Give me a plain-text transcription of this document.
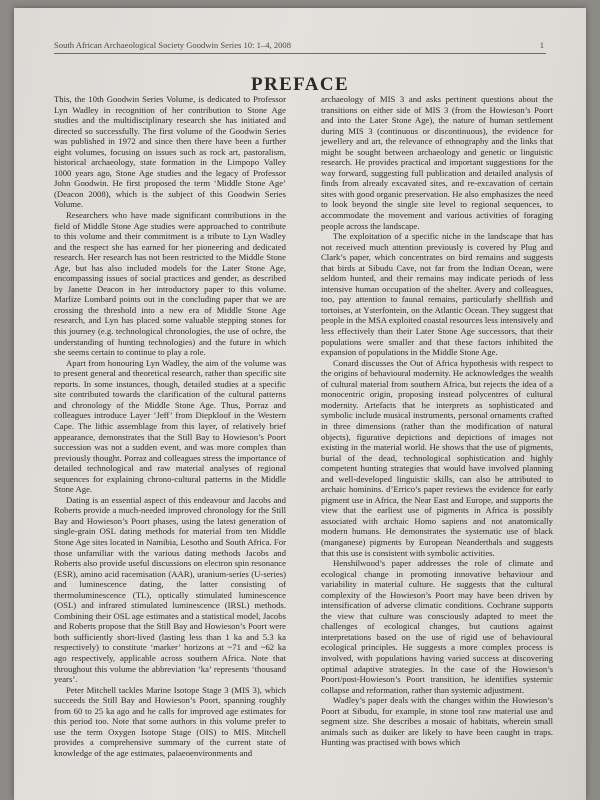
South African Archaeological Society Goodwin Series 10: 1–4, 2008	1
PREFACE

This, the 10th Goodwin Series Volume, is dedicated to Professor Lyn Wadley in recognition of her contribution to Stone Age studies and the multidisciplinary research she has initiated and directed so successfully. The first volume of the Goodwin Series was published in 1972 and since then there have been a further eight volumes, focusing on issues such as rock art, pastoralism, historical archaeology, state formation in the Limpopo Valley 1000 years ago, Stone Age studies and the legacy of Professor John Goodwin. He first proposed the term ‘Middle Stone Age’ (Deacon 2008), which is the subject of this Goodwin Series Volume.

Researchers who have made significant contributions in the field of Middle Stone Age studies were approached to contribute to this volume and their commitment is a tribute to Lyn Wadley and the respect she has earned for her pioneering and dedicated research. Her research has not been restricted to the Middle Stone Age, but has also included models for the Later Stone Age, encompassing issues of social practices and gender, as described by Janette Deacon in her introductory paper to this volume. Marlize Lombard points out in the concluding paper that we are crossing the threshold into a new era of Middle Stone Age research, and Lyn has placed some valuable stepping stones for this journey (e.g. technological chronologies, the use of ochre, the understanding of hunting technologies) and the future in which she seems certain to continue to play a role.

Apart from honouring Lyn Wadley, the aim of the volume was to present general and theoretical research, rather than specific site reports. In some instances, though, detailed studies at a specific site contributed towards the clarification of the cultural patterns and chronology of the Middle Stone Age. Thus, Porraz and colleagues introduce Layer ‘Jeff’ from Diepkloof in the Western Cape. The lithic assemblage from this layer, of relatively brief appearance, demonstrates that the Still Bay to Howieson’s Poort succession was not a sudden event, and was more complex than previously thought. Porraz and colleagues stress the importance of detailed technological and raw material analyses of regional sequences for explaining chrono-cultural patterns in the Middle Stone Age.

Dating is an essential aspect of this endeavour and Jacobs and Roberts provide a much-needed improved chronology for the Still Bay and Howieson’s Poort phases, using the latest generation of single-grain OSL dating methods for material from ten Middle Stone Age sites located in Namibia, Lesotho and South Africa. For those unfamiliar with the various dating methods Jacobs and Roberts also provide useful discussions on electron spin resonance (ESR), amino acid racemisation (AAR), uranium-series (U-series) and luminescence dating, the latter consisting of thermoluminescence (TL), optically stimulated luminescence (OSL) and infrared stimulated luminescence (IRSL) methods. Combining their OSL age estimates and a statistical model, Jacobs and Roberts propose that the Still Bay and Howieson’s Poort were both sufficiently short-lived (lasting less than 1 ka and 5.3 ka respectively) to constitute ‘marker’ horizons at ~71 and ~62 ka ago respectively, applicable across southern Africa. Note that throughout this volume the abbreviation ‘ka’ represents ‘thousand years’.

Peter Mitchell tackles Marine Isotope Stage 3 (MIS 3), which succeeds the Still Bay and Howieson’s Poort, spanning roughly from 60 to 25 ka ago and he calls for improved age estimates for this period too. Note that some authors in this volume prefer to use the term Oxygen Isotope Stage (OIS) to MIS. Mitchell provides a comprehensive summary of the current state of knowledge of the age estimates, palaeoenvironments and

archaeology of MIS 3 and asks pertinent questions about the transitions on either side of MIS 3 (from the Howieson’s Poort and into the Later Stone Age), the nature of human settlement during MIS 3 (continuous or discontinuous), the evidence for jewellery and art, the relevance of ethnography and the links that might be sought between archaeology and genetic or linguistic research. He provides practical and important suggestions for the way forward, suggesting full publication and detailed analysis of finds from already excavated sites, and re-excavation of certain sites with good organic preservation. He also emphasizes the need to look beyond the single site level to regional sequences, to accommodate the movement and various activities of foraging people across the landscape.

The exploitation of a specific niche in the landscape that has not received much attention previously is covered by Plug and Clark’s paper, which concentrates on bird remains and suggests that birds at Sibudu Cave, not far from the Indian Ocean, were seldom hunted, and their remains may indicate periods of less intensive human occupation of the shelter. Avery and colleagues, too, pay attention to faunal remains, particularly shellfish and tortoises, at Ysterfontein, on the Atlantic Ocean. They suggest that people in the MSA exploited coastal resources less intensively and less effectively than their Later Stone Age successors, that their populations were smaller and that these factors inhibited the expansion of populations in the Middle Stone Age.

Conard discusses the Out of Africa hypothesis with respect to the origins of behavioural modernity. He acknowledges the wealth of cultural material from southern Africa, but rejects the idea of a monocentric origin, proposing instead polycentres of cultural modernity. Artefacts that he interprets as sophisticated and symbolic include musical instruments, personal ornaments crafted in three dimensions (rather than the modification of natural objects), figurative depictions and depictions of images not existing in the material world. He shows that the use of pigments, burial of the dead, technological sophistication and highly competent hunting strategies that would have involved planning and well-developed linguistic skills, can also be attributed to archaic hominins. d’Errico’s paper reviews the evidence for early pigment use in Africa, the Near East and Europe, and supports the view that the earliest use of pigments in Africa is possibly associated with archaic Homo sapiens and not anatomically modern humans. He demonstrates the systematic use of black (manganese) pigments by European Neanderthals and suggests that this use is consistent with symbolic activities.

Henshilwood’s paper addresses the role of climate and ecological change in promoting innovative behaviour and variability in material culture. He suggests that the cultural complexity of the Howieson’s Poort may have been driven by intensification of adverse climatic conditions. Cochrane supports the view that culture was consciously adapted to meet the challenges of ecological changes, but cautions against interpretations based on the use of rigid use of behavioural ecological principles. He suggests a more complex process is involved, with populations having varied success at discovering optimal adaptive strategies. In the case of the Howieson’s Poort/post-Howieson’s Poort transition, he identifies systemic collapse and reformation, rather than systemic adjustment.

Wadley’s paper deals with the changes within the Howieson’s Poort at Sibudu, for example, in stone tool raw material use and segment size. She describes a mosaic of habitats, wherein small animals such as duiker are likely to have been caught in traps. Hunting was practised with bows which
